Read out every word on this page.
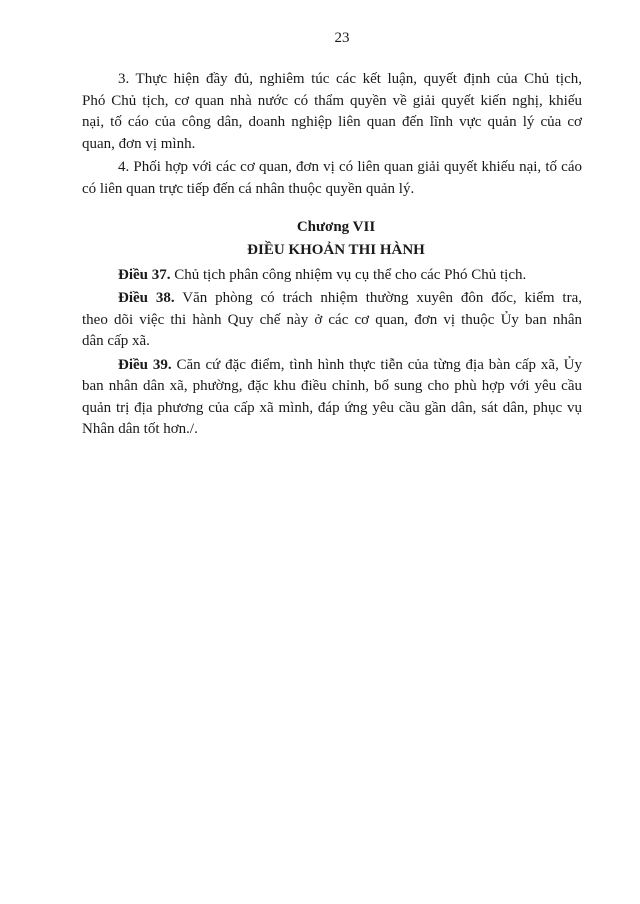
23
3. Thực hiện đầy đủ, nghiêm túc các kết luận, quyết định của Chủ tịch,
Phó Chủ tịch, cơ quan nhà nước có thẩm quyền về giải quyết kiến nghị, khiếu
nại, tố cáo của công dân, doanh nghiệp liên quan đến lĩnh vực quản lý của cơ
quan, đơn vị mình.
4. Phối hợp với các cơ quan, đơn vị có liên quan giải quyết khiếu nại, tố cáo
có liên quan trực tiếp đến cá nhân thuộc quyền quản lý.
Chương VII
ĐIỀU KHOẢN THI HÀNH
Điều 37. Chủ tịch phân công nhiệm vụ cụ thể cho các Phó Chủ tịch.
Điều 38. Văn phòng có trách nhiệm thường xuyên đôn đốc, kiểm tra,
theo dõi việc thi hành Quy chế này ở các cơ quan, đơn vị thuộc Ủy ban nhân
dân cấp xã.
Điều 39. Căn cứ đặc điểm, tình hình thực tiễn của từng địa bàn cấp xã, Ủy
ban nhân dân xã, phường, đặc khu điều chỉnh, bổ sung cho phù hợp với yêu cầu
quản trị địa phương của cấp xã mình, đáp ứng yêu cầu gần dân, sát dân, phục vụ
Nhân dân tốt hơn./.
